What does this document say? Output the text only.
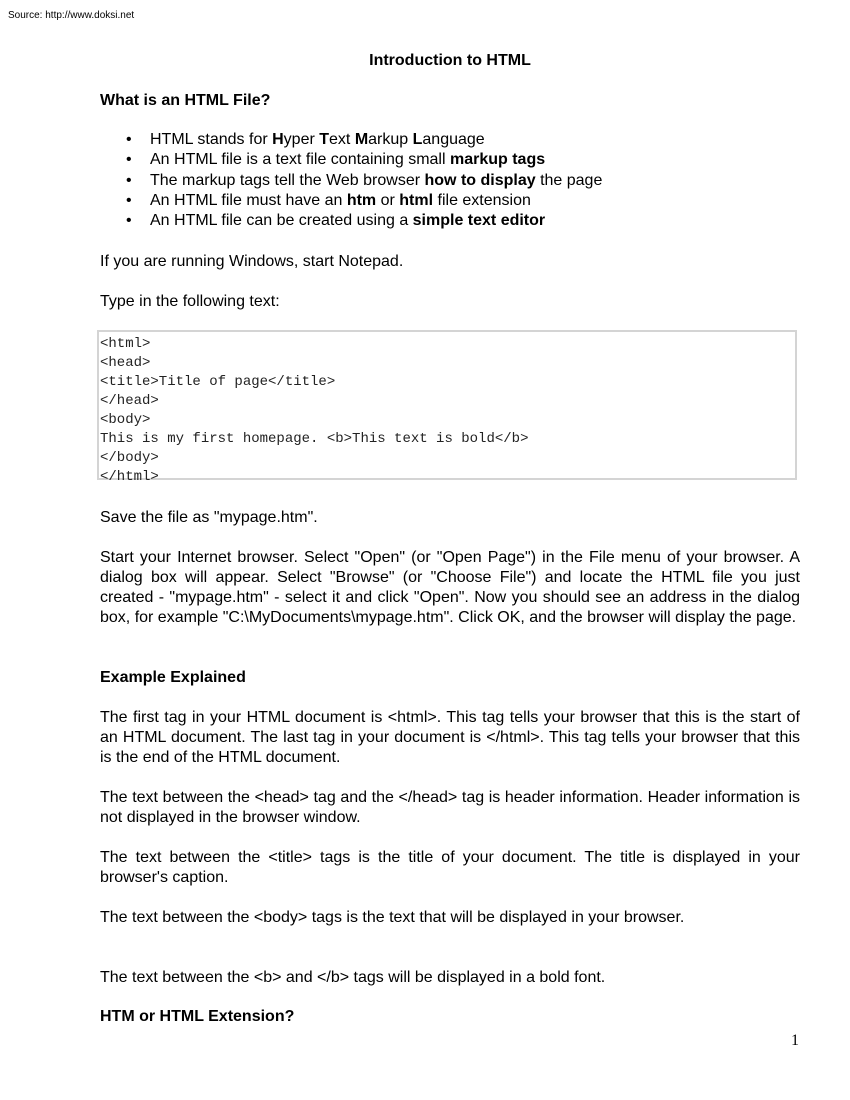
Source: http://www.doksi.net
Introduction to HTML
What is an HTML File?
• HTML stands for Hyper Text Markup Language
• An HTML file is a text file containing small markup tags
• The markup tags tell the Web browser how to display the page
• An HTML file must have an htm or html file extension
• An HTML file can be created using a simple text editor

If you are running Windows, start Notepad.

Type in the following text:

<html>
<head>
<title>Title of page</title>
</head>
<body>
This is my first homepage. <b>This text is bold</b>
</body>
</html>

Save the file as "mypage.htm".

Start your Internet browser. Select "Open" (or "Open Page") in the File menu of your browser. A dialog box will appear. Select "Browse" (or "Choose File") and locate the HTML file you just created - "mypage.htm" - select it and click "Open". Now you should see an address in the dialog box, for example "C:\MyDocuments\mypage.htm". Click OK, and the browser will display the page.

Example Explained

The first tag in your HTML document is <html>. This tag tells your browser that this is the start of an HTML document. The last tag in your document is </html>. This tag tells your browser that this is the end of the HTML document.

The text between the <head> tag and the </head> tag is header information. Header information is not displayed in the browser window.

The text between the <title> tags is the title of your document. The title is displayed in your browser's caption.

The text between the <body> tags is the text that will be displayed in your browser.

The text between the <b> and </b> tags will be displayed in a bold font.

HTM or HTML Extension?
1
